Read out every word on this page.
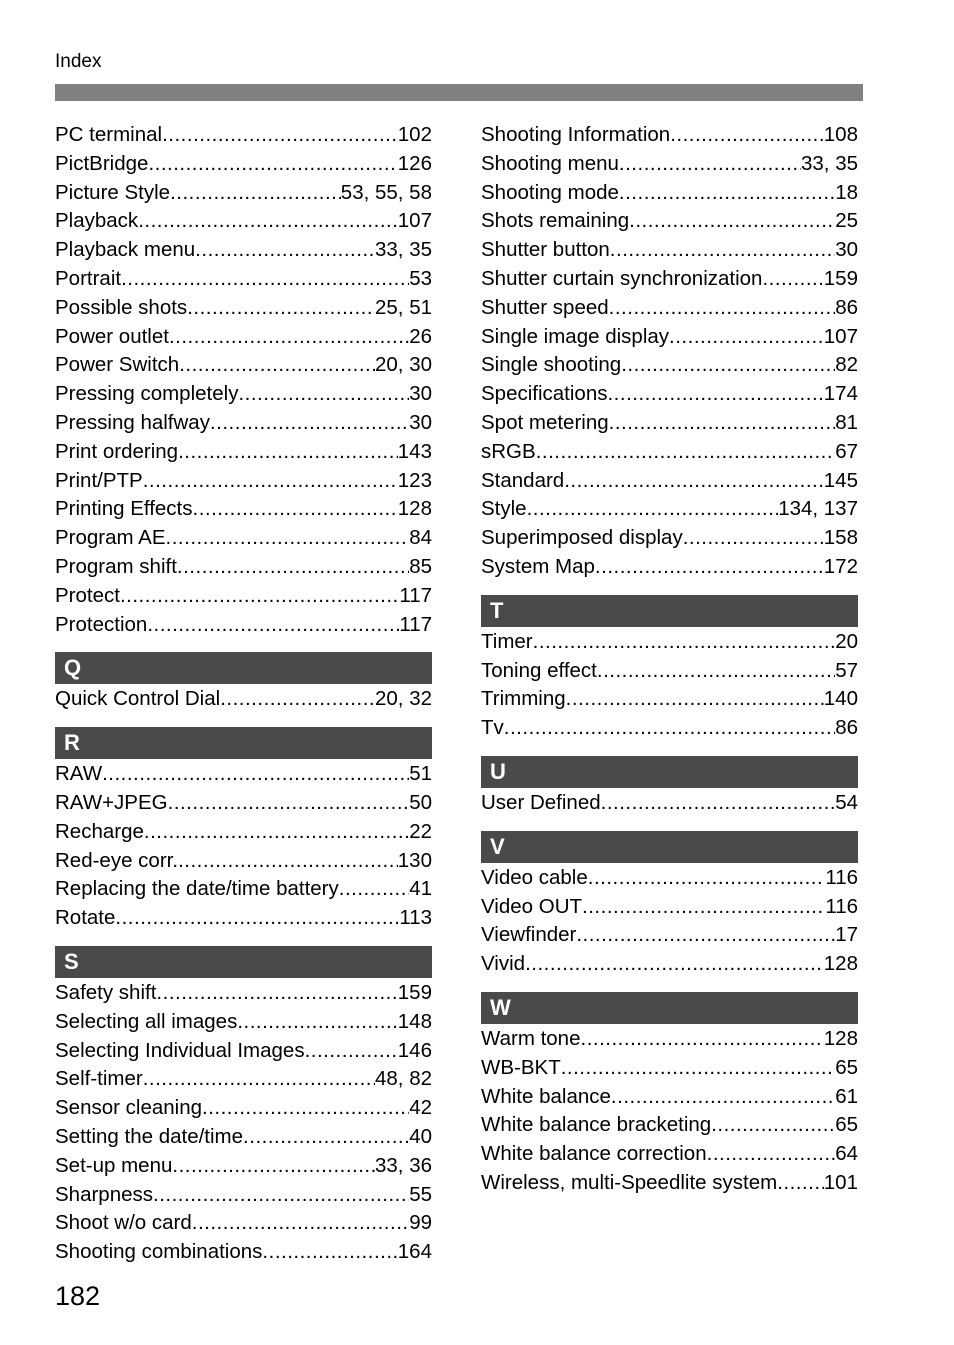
Index
PC terminal .....	102
PictBridge .....	126
Picture Style .....	53, 55, 58
Playback .....	107
Playback menu .....	33, 35
Portrait .....	53
Possible shots .....	25, 51
Power outlet .....	26
Power Switch .....	20, 30
Pressing completely .....	30
Pressing halfway .....	30
Print ordering .....	143
Print/PTP .....	123
Printing Effects .....	128
Program AE .....	84
Program shift .....	85
Protect .....	117
Protection .....	117
Q
Quick Control Dial .....	20, 32
R
RAW .....	51
RAW+JPEG .....	50
Recharge .....	22
Red-eye corr. .....	130
Replacing the date/time battery .....	41
Rotate .....	113
S
Safety shift .....	159
Selecting all images .....	148
Selecting Individual Images .....	146
Self-timer .....	48, 82
Sensor cleaning .....	42
Setting the date/time .....	40
Set-up menu .....	33, 36
Sharpness .....	55
Shoot w/o card .....	99
Shooting combinations .....	164
Shooting Information .....	108
Shooting menu .....	33, 35
Shooting mode .....	18
Shots remaining .....	25
Shutter button .....	30
Shutter curtain synchronization .....	159
Shutter speed .....	86
Single image display .....	107
Single shooting .....	82
Specifications .....	174
Spot metering .....	81
sRGB .....	67
Standard .....	145
Style .....	134, 137
Superimposed display .....	158
System Map .....	172
T
Timer .....	20
Toning effect .....	57
Trimming .....	140
Tv .....	86
U
User Defined .....	54
V
Video cable .....	116
Video OUT .....	116
Viewfinder .....	17
Vivid .....	128
W
Warm tone .....	128
WB-BKT .....	65
White balance .....	61
White balance bracketing .....	65
White balance correction .....	64
Wireless, multi-Speedlite system ..... 101
182
